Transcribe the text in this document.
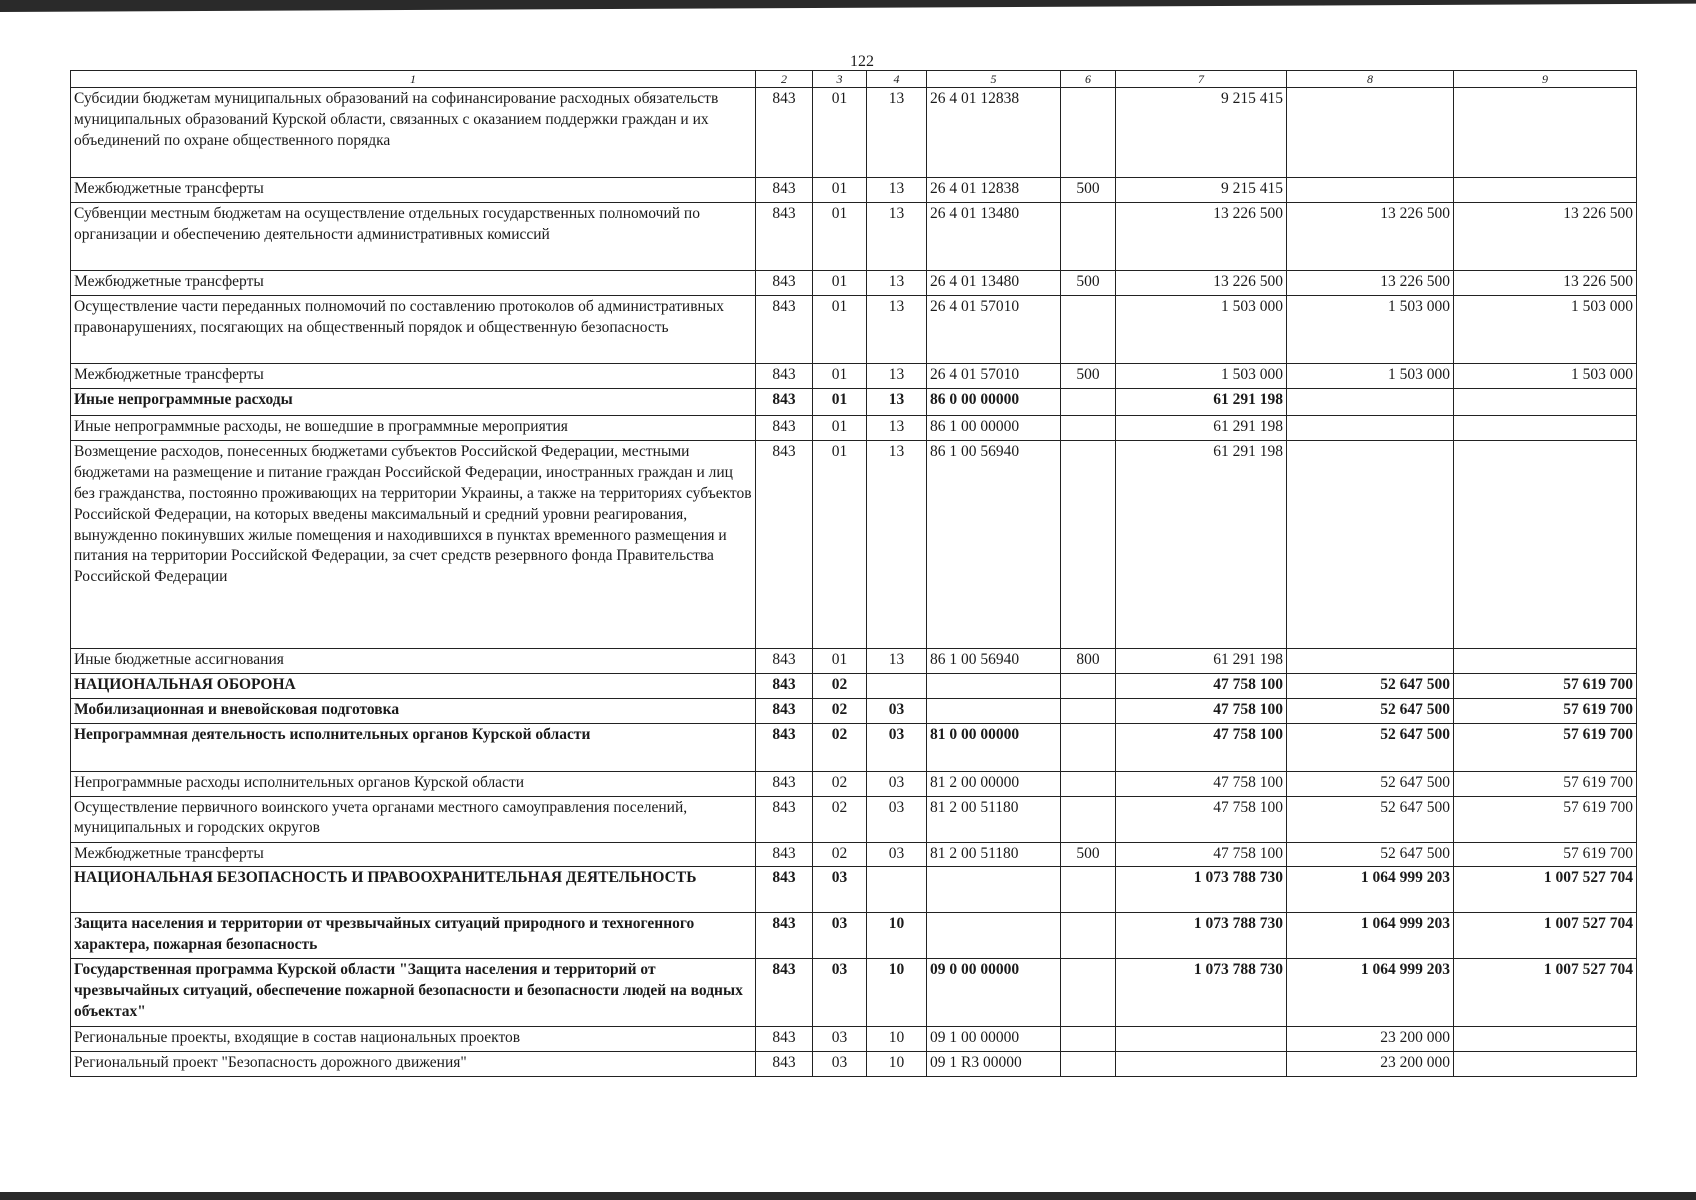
122
1	2	3	4	5	6	7	8	9
Субсидии бюджетам муниципальных образований на софинансирование расходных обязательств муниципальных образований Курской области, связанных с оказанием поддержки граждан и их объединений по охране общественного порядка	843	01	13	26 4 01 12838		9 215 415		
Межбюджетные трансферты	843	01	13	26 4 01 12838	500	9 215 415		
Субвенции местным бюджетам на осуществление отдельных государственных полномочий по организации и обеспечению деятельности административных комиссий	843	01	13	26 4 01 13480		13 226 500	13 226 500	13 226 500
Межбюджетные трансферты	843	01	13	26 4 01 13480	500	13 226 500	13 226 500	13 226 500
Осуществление части переданных полномочий по составлению протоколов об административных правонарушениях, посягающих на общественный порядок и общественную безопасность	843	01	13	26 4 01 57010		1 503 000	1 503 000	1 503 000
Межбюджетные трансферты	843	01	13	26 4 01 57010	500	1 503 000	1 503 000	1 503 000
Иные непрограммные расходы	843	01	13	86 0 00 00000		61 291 198		
Иные непрограммные расходы, не вошедшие в программные мероприятия	843	01	13	86 1 00 00000		61 291 198		
Возмещение расходов, понесенных бюджетами субъектов Российской Федерации, местными бюджетами на размещение и питание граждан Российской Федерации, иностранных граждан и лиц без гражданства, постоянно проживающих на территории Украины, а также на территориях субъектов Российской Федерации, на которых введены максимальный и средний уровни реагирования, вынужденно покинувших жилые помещения и находившихся в пунктах временного размещения и питания на территории Российской Федерации, за счет средств резервного фонда Правительства Российской Федерации	843	01	13	86 1 00 56940		61 291 198		
Иные бюджетные ассигнования	843	01	13	86 1 00 56940	800	61 291 198		
НАЦИОНАЛЬНАЯ ОБОРОНА	843	02				47 758 100	52 647 500	57 619 700
Мобилизационная и вневойсковая подготовка	843	02	03			47 758 100	52 647 500	57 619 700
Непрограммная деятельность исполнительных органов Курской области	843	02	03	81 0 00 00000		47 758 100	52 647 500	57 619 700
Непрограммные расходы исполнительных органов Курской области	843	02	03	81 2 00 00000		47 758 100	52 647 500	57 619 700
Осуществление первичного воинского учета органами местного самоуправления поселений, муниципальных и городских округов	843	02	03	81 2 00 51180		47 758 100	52 647 500	57 619 700
Межбюджетные трансферты	843	02	03	81 2 00 51180	500	47 758 100	52 647 500	57 619 700
НАЦИОНАЛЬНАЯ БЕЗОПАСНОСТЬ И ПРАВООХРАНИТЕЛЬНАЯ ДЕЯТЕЛЬНОСТЬ	843	03				1 073 788 730	1 064 999 203	1 007 527 704
Защита населения и территории от чрезвычайных ситуаций природного и техногенного характера, пожарная безопасность	843	03	10			1 073 788 730	1 064 999 203	1 007 527 704
Государственная программа Курской области "Защита населения и территорий от чрезвычайных ситуаций, обеспечение пожарной безопасности и безопасности людей на водных объектах"	843	03	10	09 0 00 00000		1 073 788 730	1 064 999 203	1 007 527 704
Региональные проекты, входящие в состав национальных проектов	843	03	10	09 1 00 00000			23 200 000	
Региональный проект "Безопасность дорожного движения"	843	03	10	09 1 R3 00000			23 200 000	
